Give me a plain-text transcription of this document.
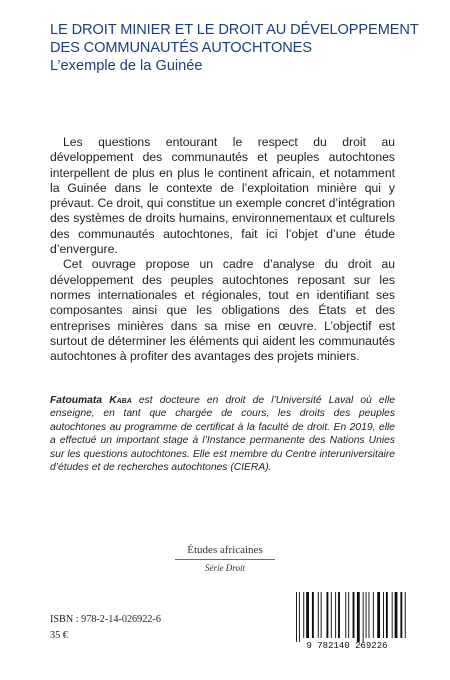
LE DROIT MINIER ET LE DROIT AU DÉVELOPPEMENT DES COMMUNAUTÉS AUTOCHTONES
L’exemple de la Guinée

Les questions entourant le respect du droit au développement des communautés et peuples autochtones interpellent de plus en plus le continent africain, et notamment la Guinée dans le contexte de l’exploitation minière qui y prévaut. Ce droit, qui constitue un exemple concret d’intégration des systèmes de droits humains, environnementaux et culturels des communautés autochtones, fait ici l’objet d’une étude d’envergure.

Cet ouvrage propose un cadre d’analyse du droit au développement des peuples autochtones reposant sur les normes internationales et régionales, tout en identifiant ses composantes ainsi que les obligations des États et des entreprises minières dans sa mise en œuvre. L’objectif est surtout de déterminer les éléments qui aident les communautés autochtones à profiter des avantages des projets miniers.

Fatoumata Kaba est docteure en droit de l’Université Laval où elle enseigne, en tant que chargée de cours, les droits des peuples autochtones au programme de certificat à la faculté de droit. En 2019, elle a effectué un important stage à l’Instance permanente des Nations Unies sur les questions autochtones. Elle est membre du Centre interuniversitaire d’études et de recherches autochtones (CIERA).
Études africaines
Série Droit
ISBN : 978-2-14-026922-6
35 €
9 782140 269226
